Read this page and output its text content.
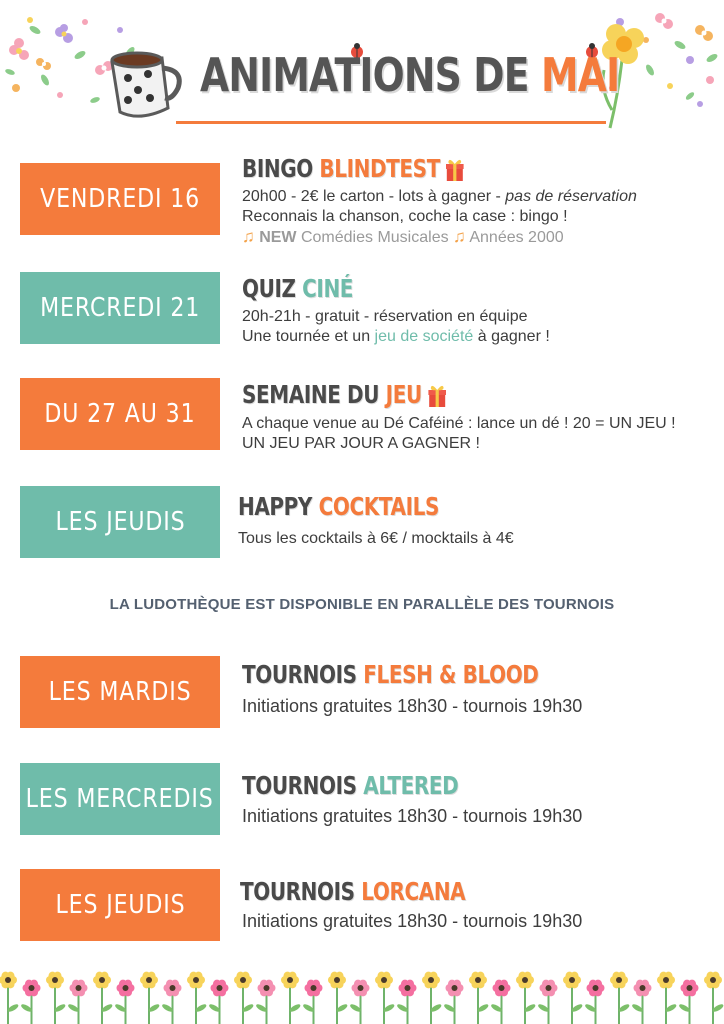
ANIMATIONS DE MAI
VENDREDI 16
BINGO BLINDTEST
20h00 - 2€ le carton - lots à gagner - pas de réservation
Reconnais la chanson, coche la case : bingo !
♫ NEW Comédies Musicales ♫ Années 2000
MERCREDI 21
QUIZ CINÉ
20h-21h - gratuit - réservation en équipe
Une tournée et un jeu de société à gagner !
DU 27 AU 31
SEMAINE DU JEU
A chaque venue au Dé Caféiné : lance un dé ! 20 = UN JEU !
UN JEU PAR JOUR A GAGNER !
LES JEUDIS
HAPPY COCKTAILS
Tous les cocktails à 6€ / mocktails à 4€
LA LUDOTHÈQUE EST DISPONIBLE EN PARALLÈLE DES TOURNOIS
LES MARDIS
TOURNOIS FLESH & BLOOD
Initiations gratuites 18h30 - tournois 19h30
LES MERCREDIS TOURNOIS ALTERED
Initiations gratuites 18h30 - tournois 19h30
LES JEUDIS TOURNOIS LORCANA
Initiations gratuites 18h30 - tournois 19h30
